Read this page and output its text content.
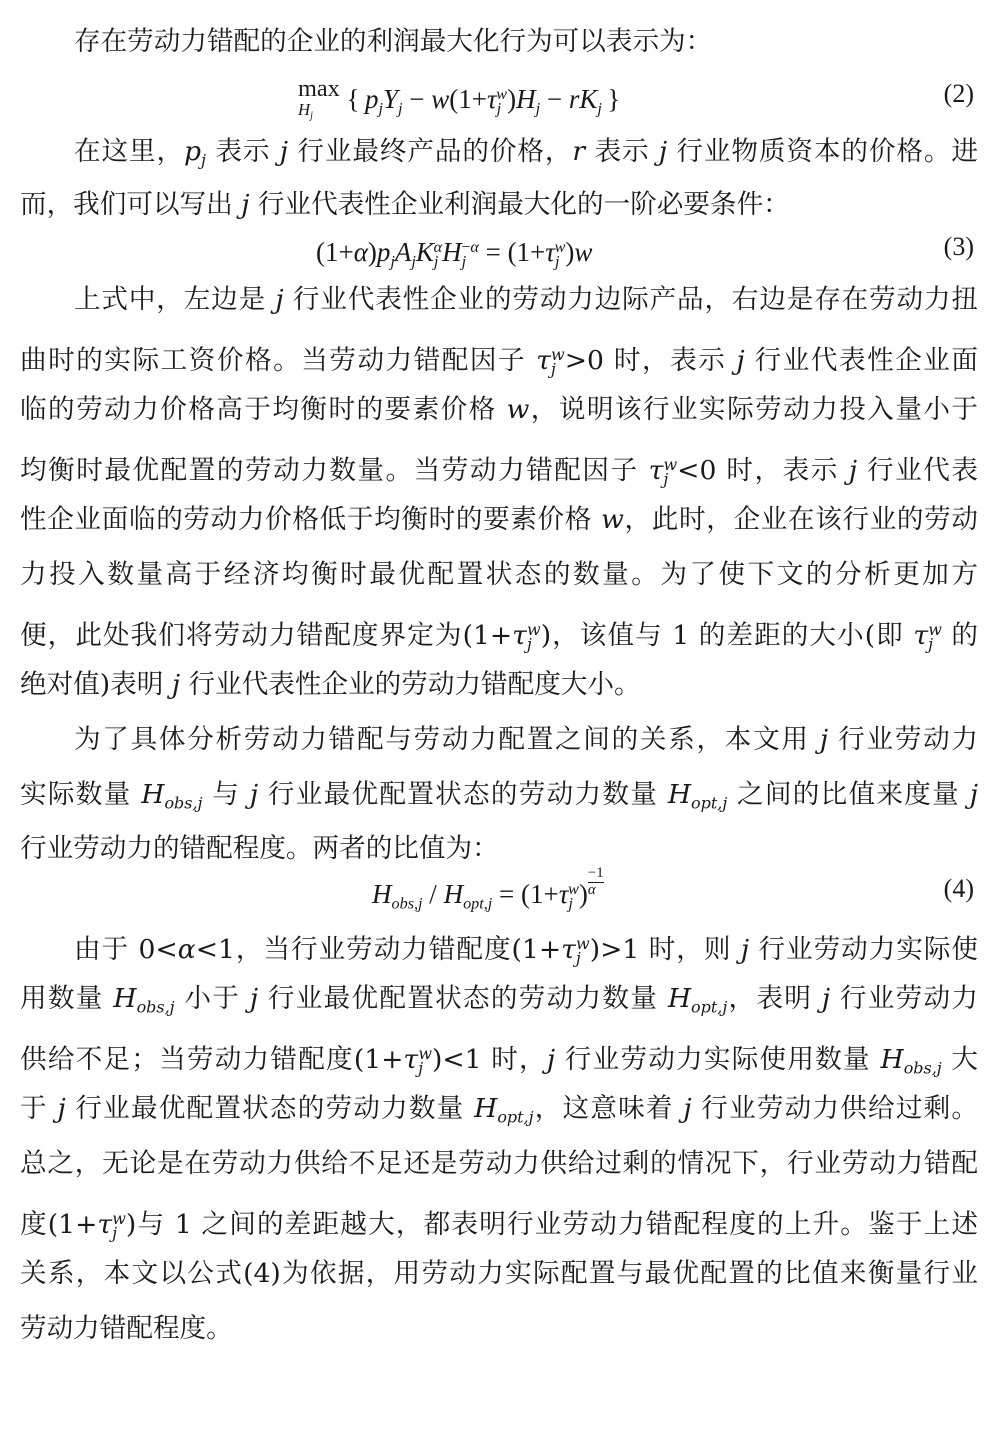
存在劳动力错配的企业的利润最大化行为可以表示为：
max
$H_j$
{ $p_jY_j - w(1+\tau_j^w)H_j - rK_j$ }	(2)
在这里，$p_j$ 表示 j 行业最终产品的价格，r 表示 j 行业物质资本的价格。进
而，我们可以写出 j 行业代表性企业利润最大化的一阶必要条件：
$(1+\alpha)p_jA_jK_j^\alpha H_j^{-\alpha} = (1+\tau_j^w)w$	(3)
上式中，左边是 j 行业代表性企业的劳动力边际产品，右边是存在劳动力扭
曲时的实际工资价格。当劳动力错配因子 $\tau_j^w>0$ 时，表示 j 行业代表性企业面
临的劳动力价格高于均衡时的要素价格 w，说明该行业实际劳动力投入量小于
均衡时最优配置的劳动力数量。当劳动力错配因子 $\tau_j^w<0$ 时，表示 j 行业代表
性企业面临的劳动力价格低于均衡时的要素价格 w，此时，企业在该行业的劳动
力投入数量高于经济均衡时最优配置状态的数量。为了使下文的分析更加方
便，此处我们将劳动力错配度界定为$(1+\tau_j^w)$，该值与 1 的差距的大小(即 $\tau_j^w$ 的
绝对值)表明 j 行业代表性企业的劳动力错配度大小。
为了具体分析劳动力错配与劳动力配置之间的关系，本文用 j 行业劳动力
实际数量 $H_{obs,j}$ 与 j 行业最优配置状态的劳动力数量 $H_{opt,j}$ 之间的比值来度量 j
行业劳动力的错配程度。两者的比值为：
$H_{obs,j} / H_{opt,j} = (1+\tau_j^w) \frac{-1}{\alpha}$	(4)
由于 0<α<1，当行业劳动力错配度$(1+\tau_j^w)>1$ 时，则 j 行业劳动力实际使
用数量 $H_{obs,j}$ 小于 j 行业最优配置状态的劳动力数量 $H_{opt,j}$，表明 j 行业劳动力
供给不足；当劳动力错配度$(1+\tau_j^w)<1$ 时，j 行业劳动力实际使用数量 $H_{obs,j}$ 大
于 j 行业最优配置状态的劳动力数量 $H_{opt,j}$，这意味着 j 行业劳动力供给过剩。
总之，无论是在劳动力供给不足还是劳动力供给过剩的情况下，行业劳动力错配
度$(1+\tau_j^w)$与 1 之间的差距越大，都表明行业劳动力错配程度的上升。鉴于上述
关系，本文以公式(4)为依据，用劳动力实际配置与最优配置的比值来衡量行业
劳动力错配程度。
